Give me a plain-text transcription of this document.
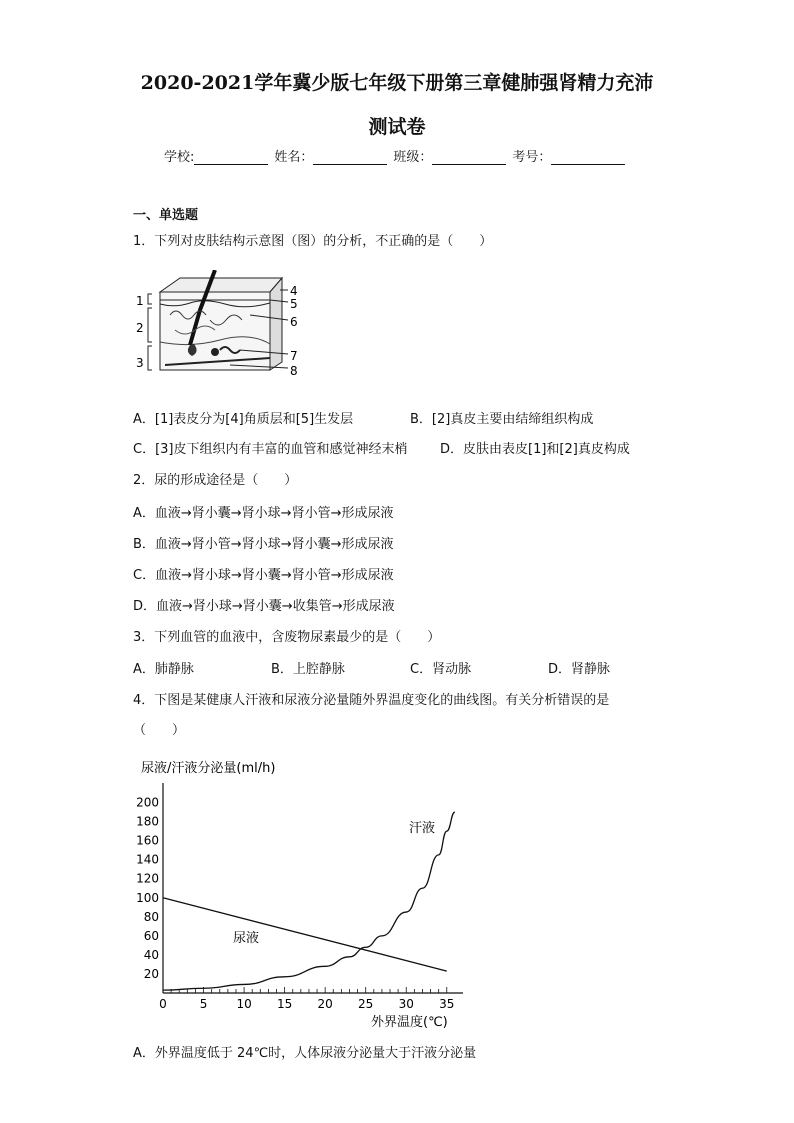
2020-2021学年冀少版七年级下册第三章健肺强肾精力充沛
测试卷
学校:	姓名：	班级：	考号：
一、单选题
1．下列对皮肤结构示意图（图）的分析，不正确的是（　　）
1
2
3
4
5
6
7
8
A．[1]表皮分为[4]角质层和[5]生发层	B．[2]真皮主要由结缔组织构成
C．[3]皮下组织内有丰富的血管和感觉神经末梢	D．皮肤由表皮[1]和[2]真皮构成
2．尿的形成途径是（　　）
A．血液→肾小囊→肾小球→肾小管→形成尿液
B．血液→肾小管→肾小球→肾小囊→形成尿液
C．血液→肾小球→肾小囊→肾小管→形成尿液
D．血液→肾小球→肾小囊→收集管→形成尿液
3．下列血管的血液中，含废物尿素最少的是（　　）
A．肺静脉	B．上腔静脉	C．肾动脉	D．肾静脉
4．下图是某健康人汗液和尿液分泌量随外界温度变化的曲线图。有关分析错误的是
（　　）
尿液/汗液分泌量(ml/h)
外界温度(℃)
0	5 10 15 20 25 30 35
20
40
60
80
100
120
140
160
180
200
尿液
汗液
A．外界温度低于 24℃时，人体尿液分泌量大于汗液分泌量
